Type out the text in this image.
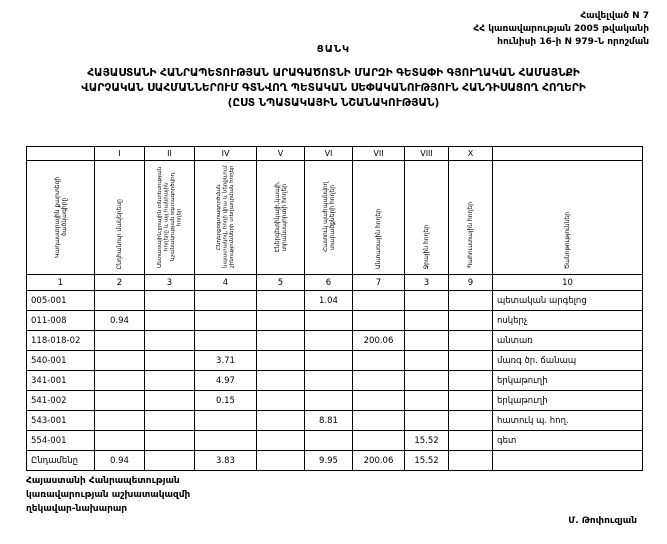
Հավելված N 7
ՀՀ կառավարության 2005 թվականի
հունիսի 16-ի N 979-Ն որոշման
ՑԱՆԿ
ՀԱՅԱՍՏԱՆԻ ՀԱՆՐԱՊԵՏՈՒԹՅԱՆ ԱՐԱԳԱԾՈՏՆԻ ՄԱՐԶԻ ԳԵՏԱՓԻ ԳՅՈՒՂԱԿԱՆ ՀԱՄԱՅՆՔԻ
ՎԱՐՉԱԿԱՆ ՍԱՀՄԱՆՆԵՐՈՒՄ ԳՏՆՎՈՂ ՊԵՏԱԿԱՆ ՍԵՓԱԿԱՆՈՒԹՅՈՒՆ ՀԱՆԴԻՍԱՑՈՂ ՀՈՂԵՐԻ
(ԸՍՏ ՆՊԱՏԱԿԱՅԻՆ ՆՇԱՆԱԿՈՒԹՅԱՆ)
	I	II	IV	V	VI	VII	VIII	X	
Կադաստրային քարտեզի ծածկագիրը	Ընդհանուր մակերեսը	Անտառային,ջրային տնտեսության հողերը և այլ հանրային նշանակության օգտագործվող հողեր	Ընդերքօգտագործման նպատակով, հողի վրա և ներքևում շինությունների տեղադրման հողեր	Էներգետիկայի,կապի, տրանսպորտի հողեր	Հատուկ պահպանվող տարածքների հողեր	Անտառային հողեր	Ջրային հողեր	Պահուստային հողեր	Ծանոթություններ
1	2	3	4	5	6	7	3	9	10
005-001					1.04				պետական արգելոց
011-008	0.94								ոսկերչ
118-018-02						200.06			անտառ
540-001			3.71						մառգ ծր. ճանապ
341-001			4.97						երկաթուղի
541-002			0.15						երկաթուղի
543-001					8.81				հատուկ պ. հող.
554-001							15.52		գետ
Ընդամենը	0.94		3.83		9.95	200.06	15.52		
Հայաստանի Հանրապետության
կառավարության աշխատակազմի
ղեկավար-նախարար
Մ. Թոփուզյան
